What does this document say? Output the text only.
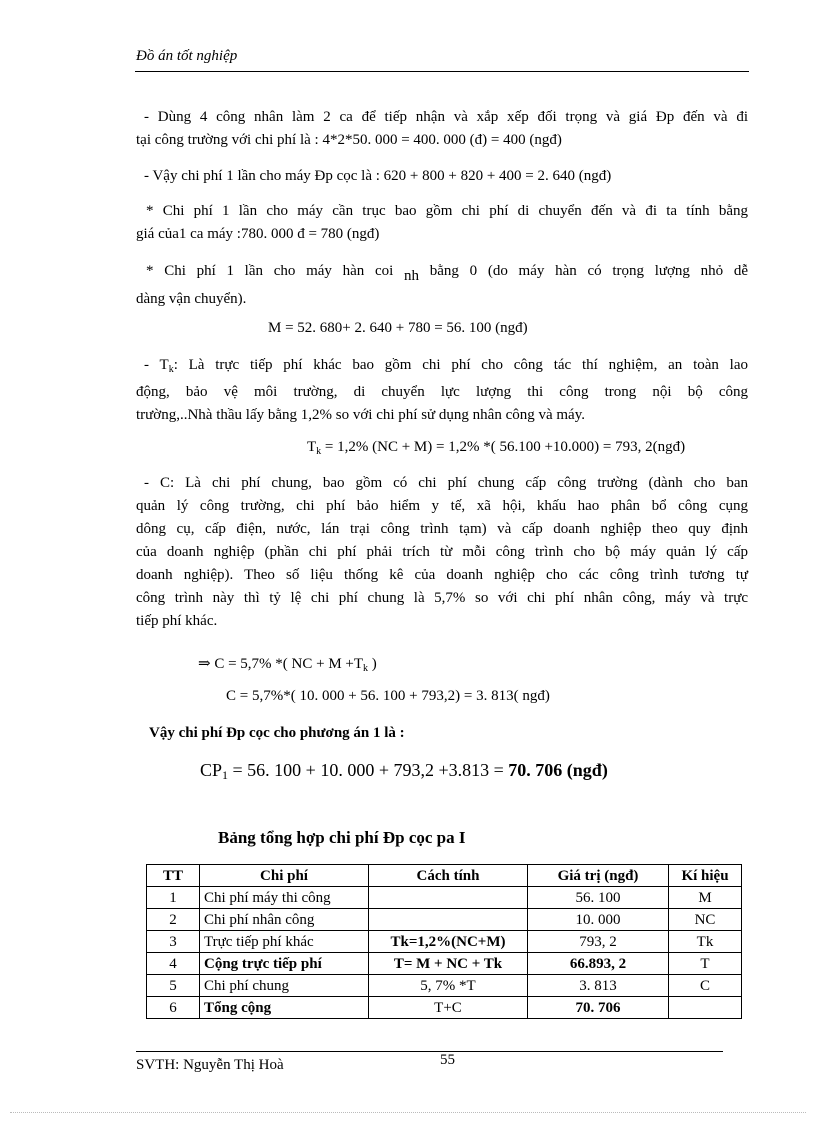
Đồ án tốt nghiệp
- Dùng 4 công nhân làm 2 ca để tiếp nhận và xắp xếp đối trọng và giá Đp đến và đi
tại công trường với chi phí là : 4*2*50. 000 = 400. 000 (đ) = 400 (ngđ)
- Vậy chi phí 1 lần cho máy Đp cọc là : 620 + 800 + 820 + 400 = 2. 640 (ngđ)
* Chi phí 1 lần cho máy cần trục bao gồm chi phí di chuyển đến và đi ta tính bằng
giá của1 ca máy :780. 000 đ = 780 (ngđ)
* Chi phí 1 lần cho máy hàn coi nh bằng 0 (do máy hàn có trọng lượng nhỏ dễ
dàng vận chuyển).
M = 52. 680+ 2. 640 + 780 = 56. 100 (ngđ)
- $T_k$: Là trực tiếp phí khác bao gồm chi phí cho công tác thí nghiệm, an toàn lao
động, bảo vệ môi trường, di chuyển lực lượng thi công trong nội bộ công
trường,..Nhà thầu lấy bằng 1,2% so với chi phí sử dụng nhân công và máy.
$T_k = 1,2\%$ (NC + M) = 1,2% *( 56.100 +10.000) = 793, 2(ngđ)
- C: Là chi phí chung, bao gồm có chi phí chung cấp công trường (dành cho ban
quản lý công trường, chi phí bảo hiểm y tế, xã hội, khấu hao phân bổ công cụng
dông cụ, cấp điện, nước, lán trại công trình tạm) và cấp doanh nghiệp theo quy định
của doanh nghiệp (phần chi phí phải trích từ mỗi công trình cho bộ máy quản lý cấp
doanh nghiệp). Theo số liệu thống kê của doanh nghiệp cho các công trình tương tự
công trình này thì tỷ lệ chi phí chung là 5,7% so với chi phí nhân công, máy và trực
tiếp phí khác.
⇒ C = 5,7% *( NC + $M +T_k$ )
C = 5,7%*( 10. 000 + 56. 100 + 793,2) = 3. 813( ngđ)
Vậy chi phí Đp cọc cho phương án 1 là :
$CP_1 = 56$. 100 + 10. 000 + 793,2 +3.813 = 70. 706 (ngđ)
Bảng tổng hợp chi phí Đp cọc pa I
TT	Chi phí	Cách tính	Giá trị (ngđ)	Kí hiệu
1	Chi phí máy thi công		56. 100	M
2	Chi phí nhân công		10. 000	NC
3	Trực tiếp phí khác	Tk=1,2%(NC+M)	793, 2	Tk
4	Cộng trực tiếp phí	T= M + NC + Tk	66.893, 2	T
5	Chi phí chung	5, 7% *T	3. 813	C
6	Tổng cộng	T+C	70. 706	
SVTH: Nguyễn Thị Hoà	55
